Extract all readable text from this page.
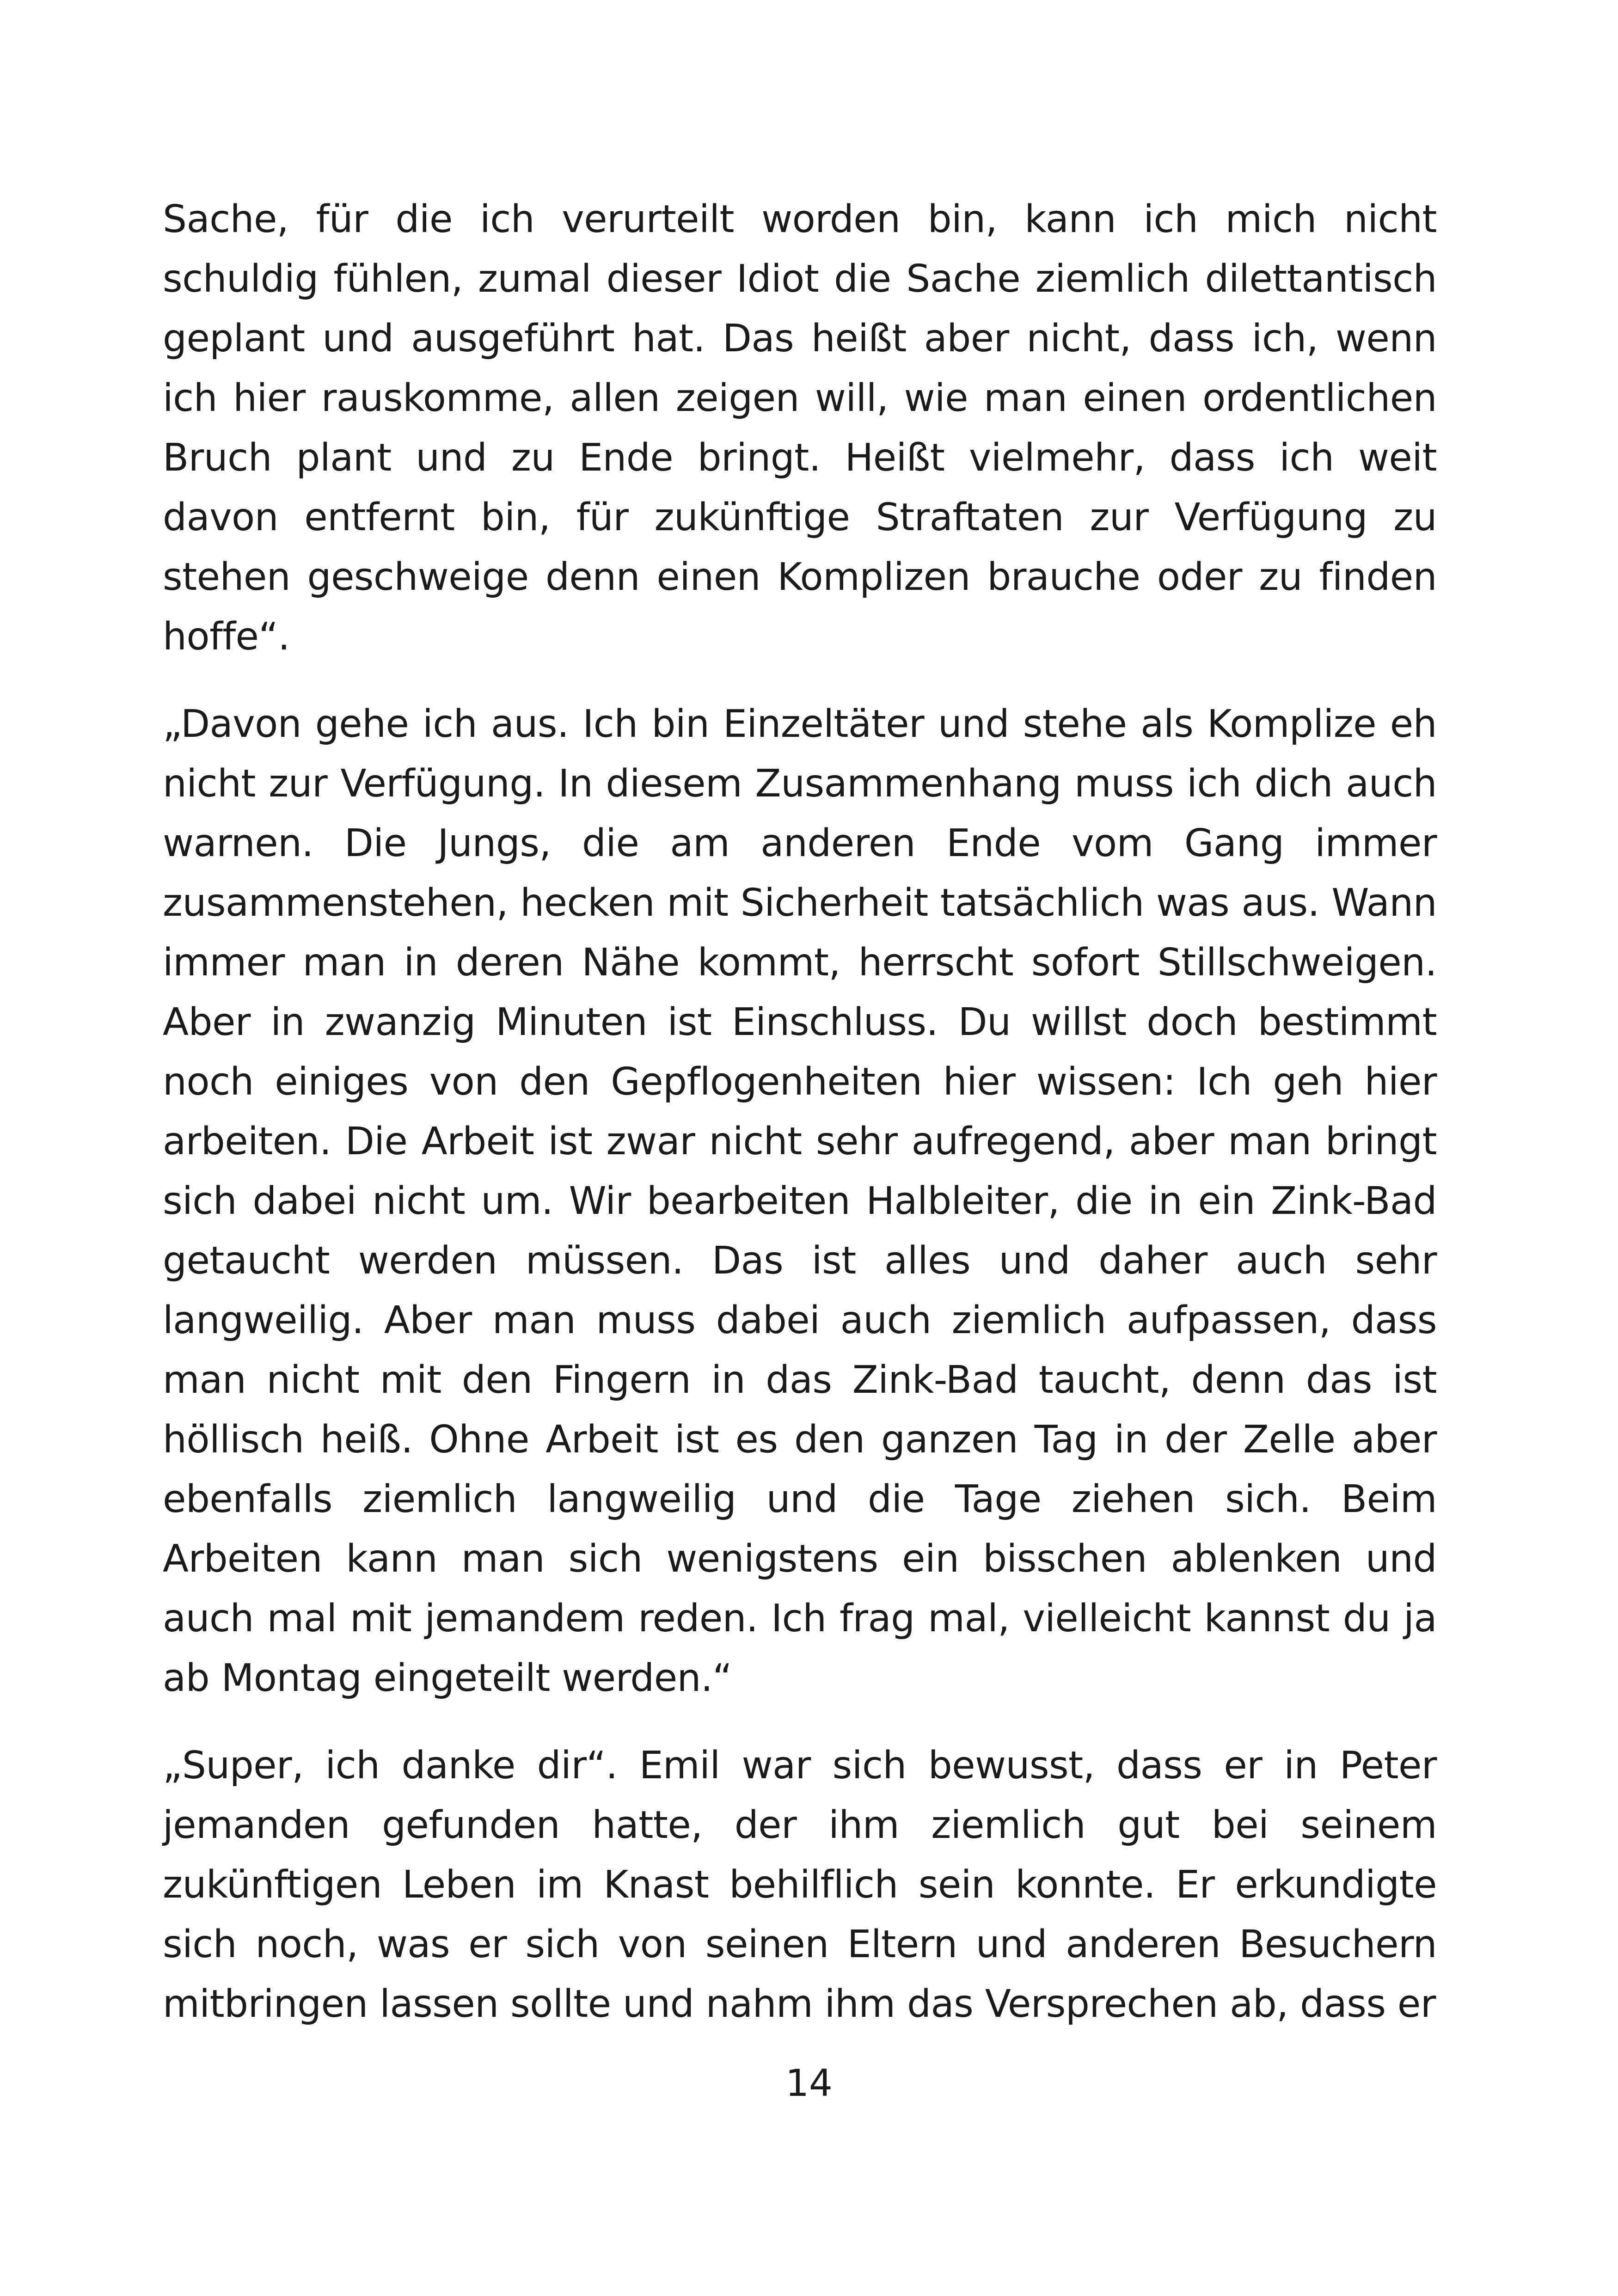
Sache, für die ich verurteilt worden bin, kann ich mich nicht schuldig fühlen, zumal dieser Idiot die Sache ziemlich dilettantisch geplant und ausgeführt hat. Das heißt aber nicht, dass ich, wenn ich hier rauskomme, allen zeigen will, wie man einen ordentlichen Bruch plant und zu Ende bringt. Heißt vielmehr, dass ich weit davon entfernt bin, für zukünftige Straftaten zur Verfügung zu stehen geschweige denn einen Komplizen brauche oder zu finden hoffe“.

„Davon gehe ich aus. Ich bin Einzeltäter und stehe als Komplize eh nicht zur Verfügung. In diesem Zusammenhang muss ich dich auch warnen. Die Jungs, die am anderen Ende vom Gang immer zusammenstehen, hecken mit Sicherheit tatsächlich was aus. Wann immer man in deren Nähe kommt, herrscht sofort Stillschweigen. Aber in zwanzig Minuten ist Einschluss. Du willst doch bestimmt noch einiges von den Gepflogenheiten hier wissen: Ich geh hier arbeiten. Die Arbeit ist zwar nicht sehr aufregend, aber man bringt sich dabei nicht um. Wir bearbeiten Halbleiter, die in ein Zink-Bad getaucht werden müssen. Das ist alles und daher auch sehr langweilig. Aber man muss dabei auch ziemlich aufpassen, dass man nicht mit den Fingern in das Zink-Bad taucht, denn das ist höllisch heiß. Ohne Arbeit ist es den ganzen Tag in der Zelle aber ebenfalls ziemlich langweilig und die Tage ziehen sich. Beim Arbeiten kann man sich wenigstens ein bisschen ablenken und auch mal mit jemandem reden. Ich frag mal, vielleicht kannst du ja ab Montag eingeteilt werden.“

„Super, ich danke dir“. Emil war sich bewusst, dass er in Peter jemanden gefunden hatte, der ihm ziemlich gut bei seinem zukünftigen Leben im Knast behilflich sein konnte. Er erkundigte sich noch, was er sich von seinen Eltern und anderen Besuchern mitbringen lassen sollte und nahm ihm das Versprechen ab, dass er

14
